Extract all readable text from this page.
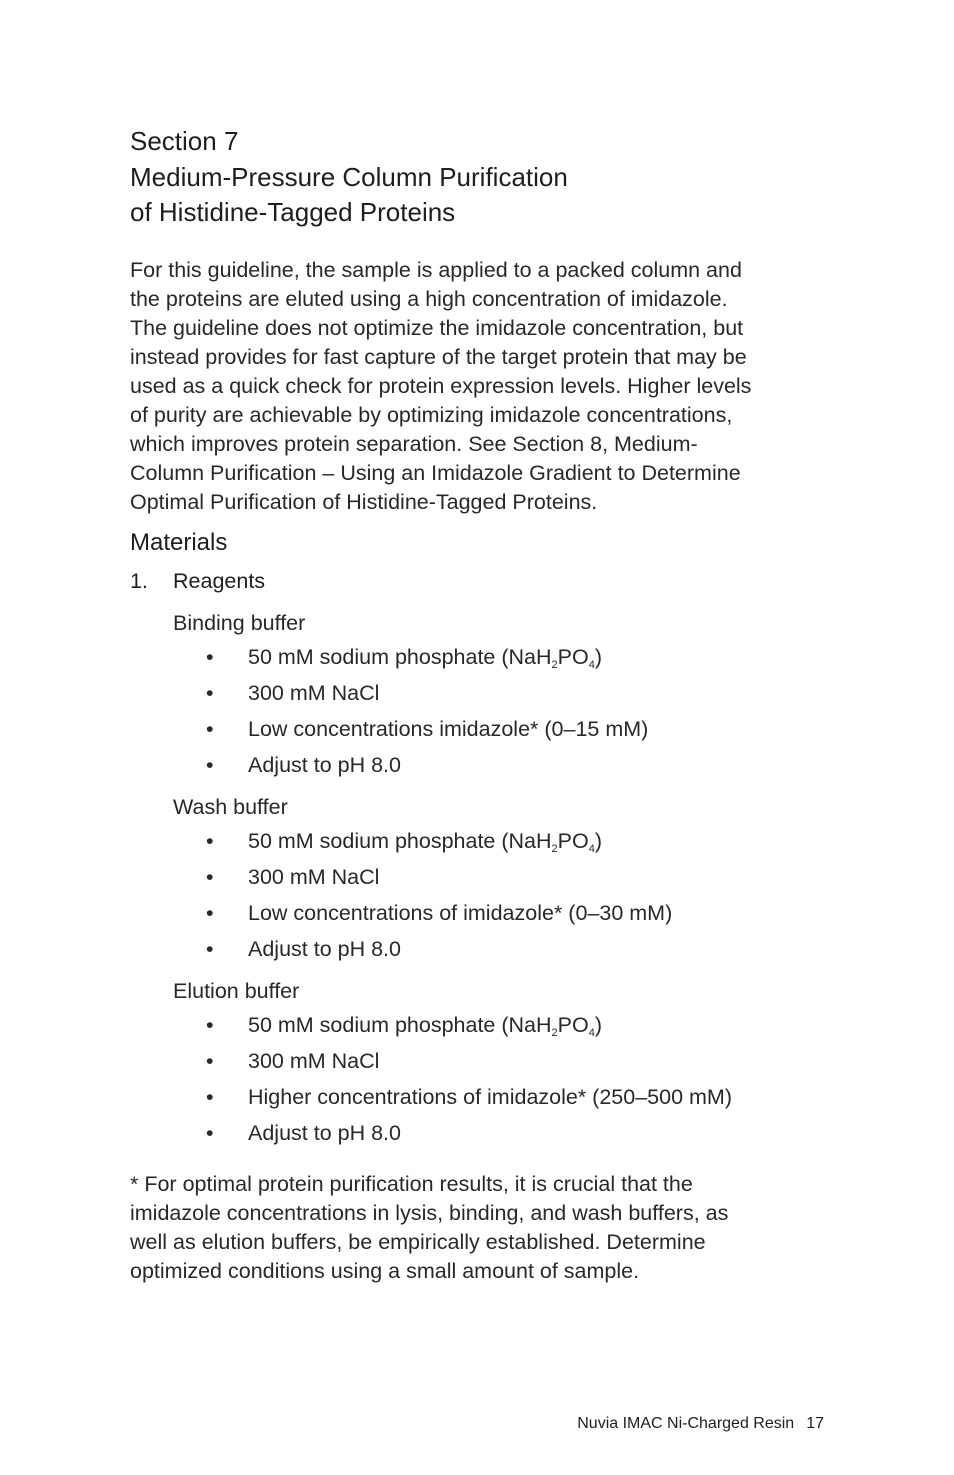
Section 7
Medium-Pressure Column Purification
of Histidine-Tagged Proteins
For this guideline, the sample is applied to a packed column and
the proteins are eluted using a high concentration of imidazole.
The guideline does not optimize the imidazole concentration, but
instead provides for fast capture of the target protein that may be
used as a quick check for protein expression levels. Higher levels
of purity are achievable by optimizing imidazole concentrations,
which improves protein separation. See Section 8, Medium-
Column Purification – Using an Imidazole Gradient to Determine
Optimal Purification of Histidine-Tagged Proteins.
Materials
1.	Reagents
Binding buffer
•	50 mM sodium phosphate $(NaH_2PO_4)$
•	300 mM NaCl
•	Low concentrations imidazole* (0–15 mM)
•	Adjust to pH 8.0
Wash buffer
•	50 mM sodium phosphate $(NaH_2PO_4)$
•	300 mM NaCl
•	Low concentrations of imidazole* (0–30 mM)
•	Adjust to pH 8.0
Elution buffer
•	50 mM sodium phosphate $(NaH_2PO_4)$
•	300 mM NaCl
•	Higher concentrations of imidazole* (250–500 mM)
•	Adjust to pH 8.0
* For optimal protein purification results, it is crucial that the
imidazole concentrations in lysis, binding, and wash buffers, as
well as elution buffers, be empirically established. Determine
optimized conditions using a small amount of sample.
Nuvia IMAC Ni-Charged Resin 17
